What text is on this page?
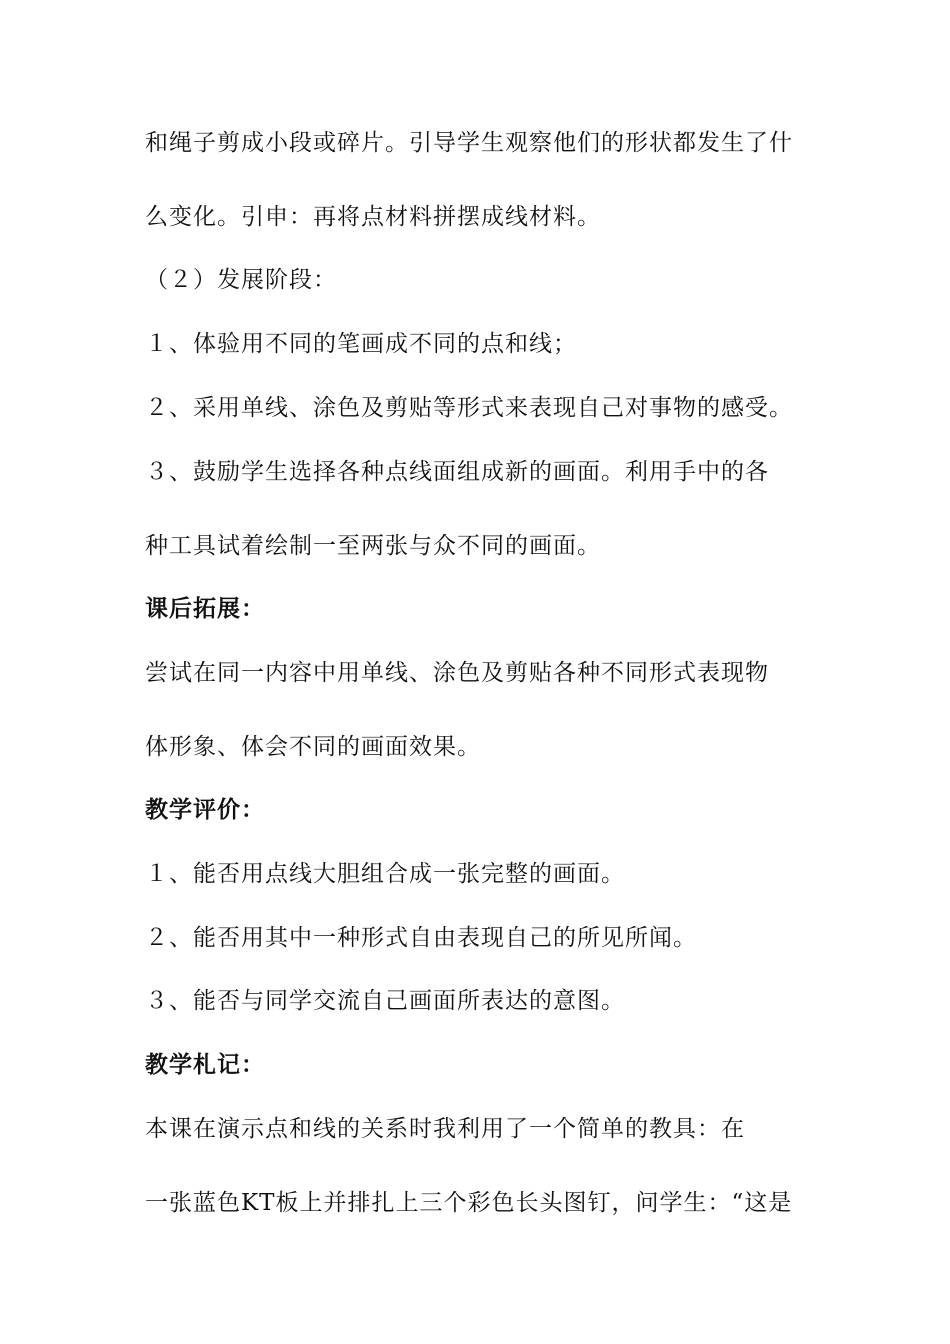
和绳子剪成小段或碎片。引导学生观察他们的形状都发生了什
么变化。引申：再将点材料拼摆成线材料。
（２）发展阶段：
１、体验用不同的笔画成不同的点和线；
２、采用单线、涂色及剪贴等形式来表现自己对事物的感受。
３、鼓励学生选择各种点线面组成新的画面。利用手中的各
种工具试着绘制一至两张与众不同的画面。
课后拓展：
尝试在同一内容中用单线、涂色及剪贴各种不同形式表现物
体形象、体会不同的画面效果。
教学评价：
１、能否用点线大胆组合成一张完整的画面。
２、能否用其中一种形式自由表现自己的所见所闻。
３、能否与同学交流自己画面所表达的意图。
教学札记：
本课在演示点和线的关系时我利用了一个简单的教具：在
一张蓝色KT板上并排扎上三个彩色长头图钉，问学生：“这是
